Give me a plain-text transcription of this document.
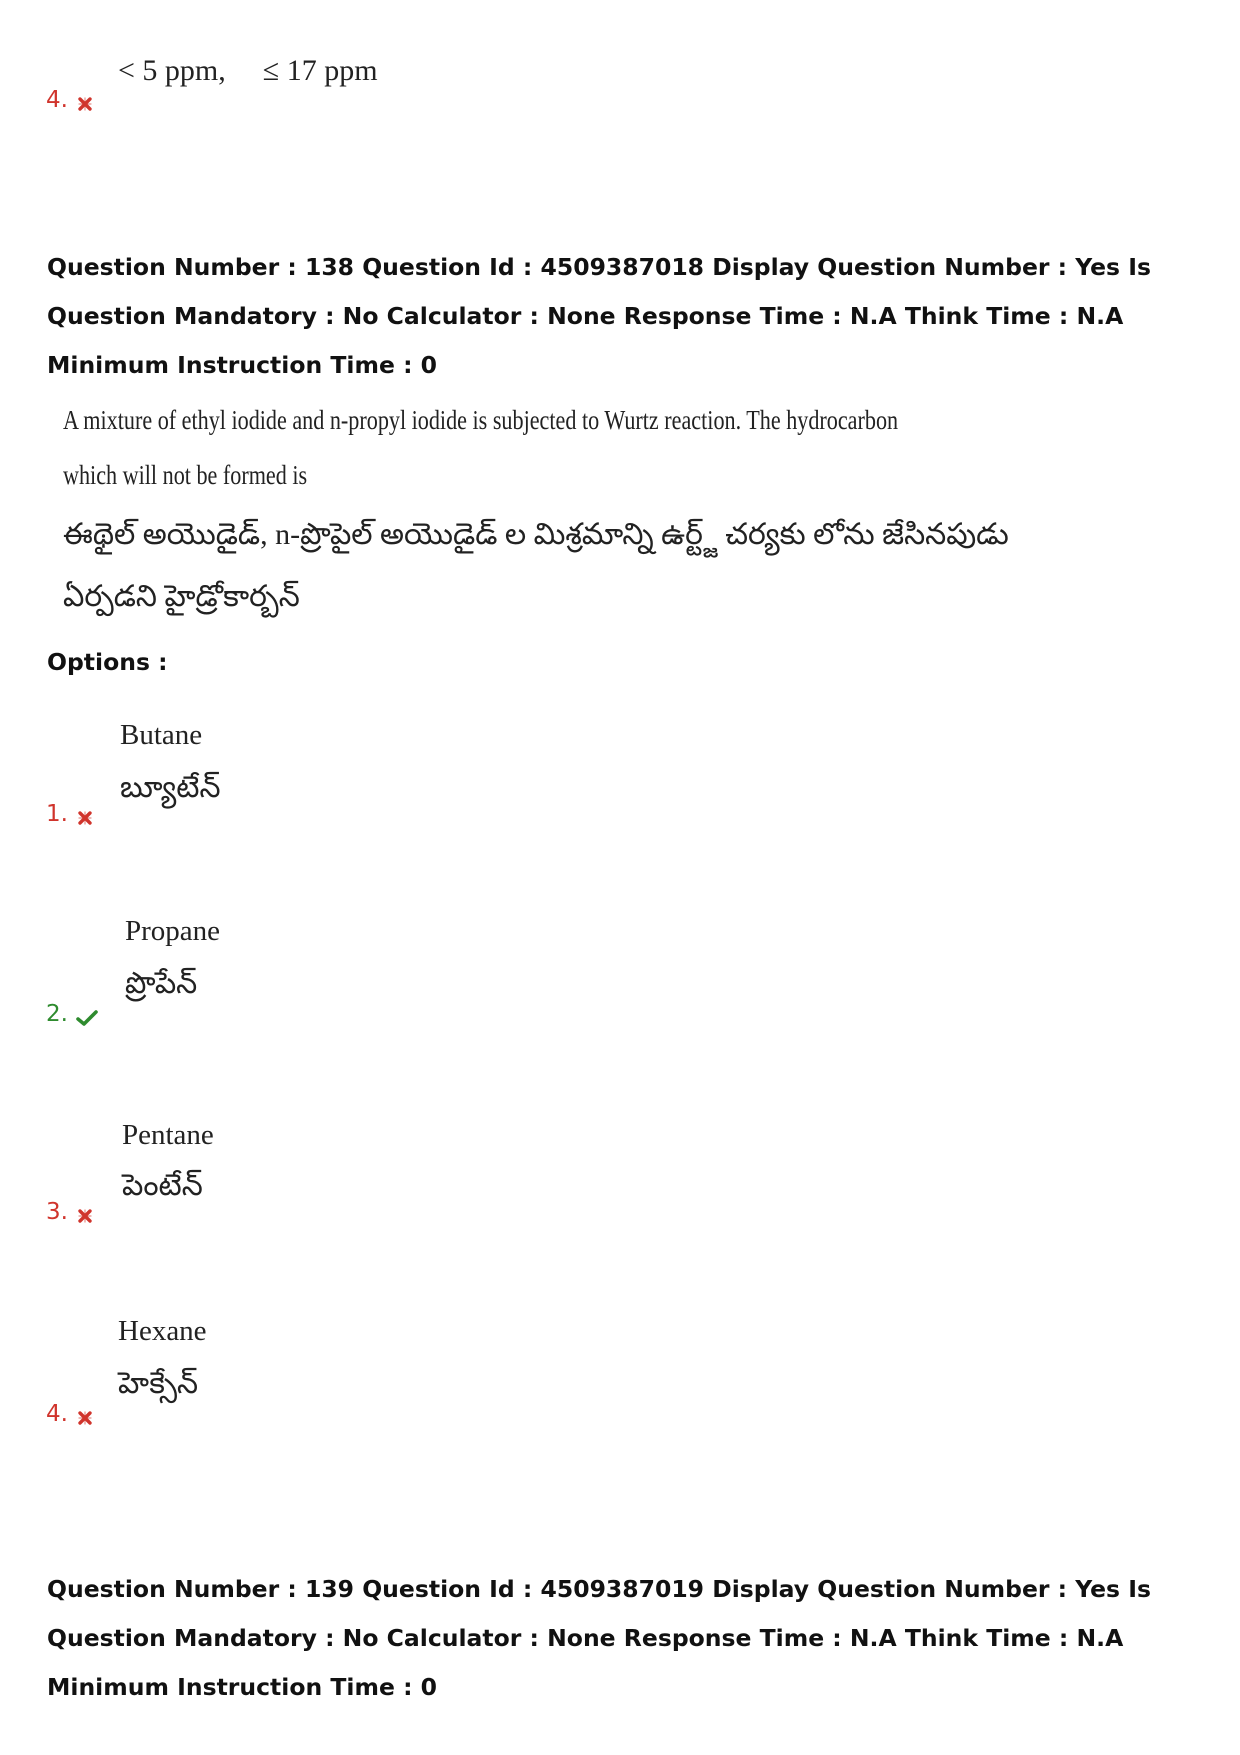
4.
< 5 ppm, ≤ 17 ppm

Question Number : 138 Question Id : 4509387018 Display Question Number : Yes Is Question Mandatory : No Calculator : None Response Time : N.A Think Time : N.A Minimum Instruction Time : 0

A mixture of ethyl iodide and n-propyl iodide is subjected to Wurtz reaction. The hydrocarbon
which will not be formed is
ఈథైల్ అయొడైడ్, n-ప్రొపైల్ అయొడైడ్ ల మిశ్రమాన్ని ఉర్ట్జ్ చర్యకు లోను జేసినపుడు
ఏర్పడని హైడ్రోకార్బన్
Options :
Butane
బ్యూటేన్
1.
Propane
ప్రొపేన్
2.
Pentane
పెంటేన్
3.
Hexane
హెక్సేన్
4.

Question Number : 139 Question Id : 4509387019 Display Question Number : Yes Is Question Mandatory : No Calculator : None Response Time : N.A Think Time : N.A Minimum Instruction Time : 0
